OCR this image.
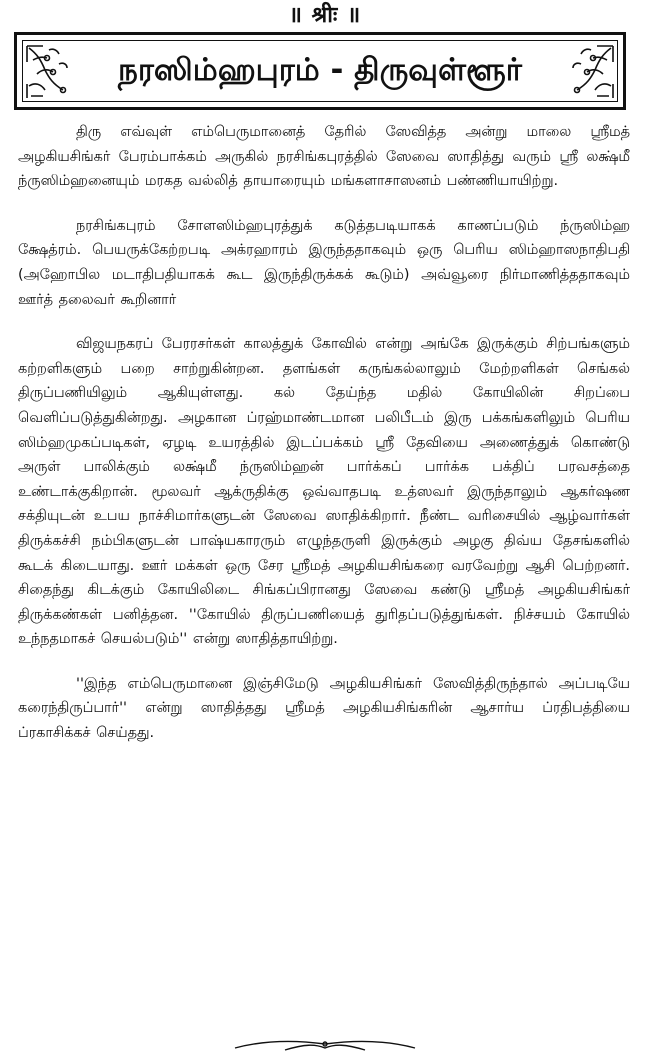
॥ श्रीः ॥
நரஸிம்ஹபுரம் - திருவுள்ளூர்

திரு எவ்வுள் எம்பெருமானைத் தேரில் ஸேவித்த அன்று மாலை ஸ்ரீமத் அழகியசிங்கர் பேரம்பாக்கம் அருகில் நரசிங்கபுரத்தில் ஸேவை ஸாதித்து வரும் ஸ்ரீ லக்ஷ்மீ ந்ருஸிம்ஹனையும் மரகத வல்லித் தாயாரையும் மங்களாசாஸனம் பண்ணியாயிற்று.

நரசிங்கபுரம் சோளஸிம்ஹபுரத்துக் கடுத்தபடியாகக் காணப்படும் ந்ருஸிம்ஹ க்ஷேத்ரம். பெயருக்கேற்றபடி அக்ரஹாரம் இருந்ததாகவும் ஒரு பெரிய ஸிம்ஹாஸநாதிபதி (அஹோபில மடாதிபதியாகக் கூட இருந்திருக்கக் கூடும்) அவ்வூரை நிர்மாணித்ததாகவும் ஊர்த் தலைவர் கூறினார்

விஜயநகரப் பேரரசர்கள் காலத்துக் கோவில் என்று அங்கே இருக்கும் சிற்பங்களும் கற்றளிகளும் பறை சாற்றுகின்றன. தளங்கள் கருங்கல்லாலும் மேற்றளிகள் செங்கல் திருப்பணியிலும் ஆகியுள்ளது. கல் தேய்ந்த மதில் கோயிலின் சிறப்பை வெளிப்படுத்துகின்றது. அழகான ப்ரஹ்மாண்டமான பலிபீடம் இரு பக்கங்களிலும் பெரிய ஸிம்ஹமுகப்படிகள், ஏழடி உயரத்தில் இடப்பக்கம் ஸ்ரீ தேவியை அணைத்துக் கொண்டு அருள் பாலிக்கும் லக்ஷ்மீ ந்ருஸிம்ஹன் பார்க்கப் பார்க்க பக்திப் பரவசத்தை உண்டாக்குகிறான். மூலவர் ஆக்ருதிக்கு ஒவ்வாதபடி உத்ஸவர் இருந்தாலும் ஆகர்ஷண சக்தியுடன் உபய நாச்சிமார்களுடன் ஸேவை ஸாதிக்கிறார். நீண்ட வரிசையில் ஆழ்வார்கள் திருக்கச்சி நம்பிகளுடன் பாஷ்யகாரரும் எழுந்தருளி இருக்கும் அழகு திவ்ய தேசங்களில் கூடக் கிடையாது. ஊர் மக்கள் ஒரு சேர ஸ்ரீமத் அழகியசிங்கரை வரவேற்று ஆசி பெற்றனர். சிதைந்து கிடக்கும் கோயிலிடை சிங்கப்பிரானது ஸேவை கண்டு ஸ்ரீமத் அழகியசிங்கர் திருக்கண்கள் பனித்தன. ''கோயில் திருப்பணியைத் துரிதப்படுத்துங்கள். நிச்சயம் கோயில் உந்நதமாகச் செயல்படும்'' என்று ஸாதித்தாயிற்று.

''இந்த எம்பெருமானை இஞ்சிமேடு அழகியசிங்கர் ஸேவித்திருந்தால் அப்படியே கரைந்திருப்பார்'' என்று ஸாதித்தது ஸ்ரீமத் அழகியசிங்கரின் ஆசார்ய ப்ரதிபத்தியை ப்ரகாசிக்கச் செய்தது.
